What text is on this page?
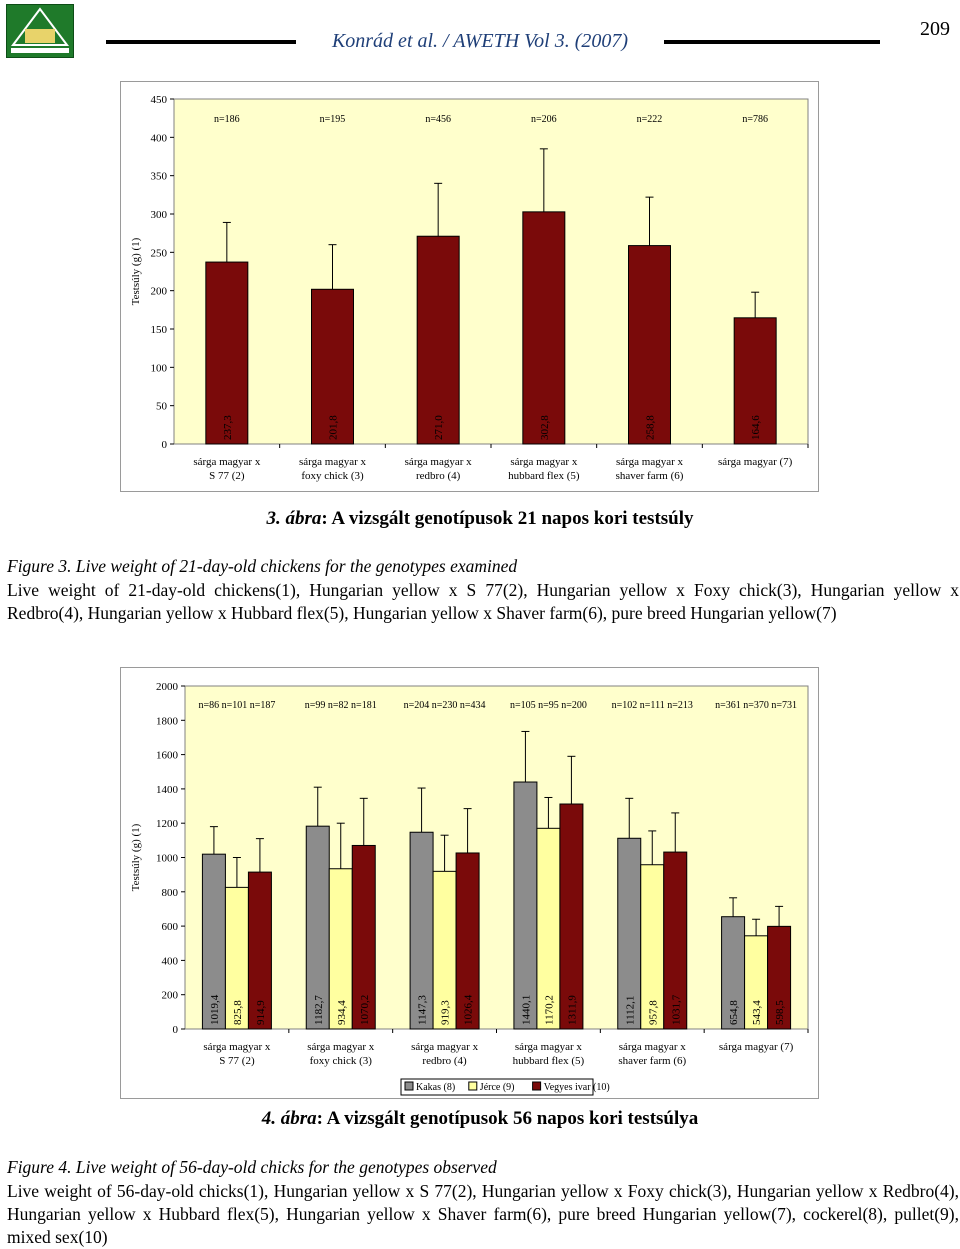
Konrád et al. / AWETH Vol 3. (2007)
209
0
50
100
150
200
250
300
350
400
450
Testsúly (g) (1)
sárga magyar x
S 77 (2)
n=186
237,3
sárga magyar x
foxy chick (3)
n=195
201,8
sárga magyar x
redbro (4)
n=456
271,0
sárga magyar x
hubbard flex (5)
n=206
302,8
sárga magyar x
shaver farm (6)
n=222
258,8
sárga magyar (7)
n=786
164,6
3. ábra: A vizsgált genotípusok 21 napos kori testsúly
Figure 3. Live weight of 21-day-old chickens for the genotypes examined
Live weight of 21-day-old chickens(1), Hungarian yellow x S 77(2), Hungarian yellow x Foxy chick(3), Hungarian yellow x Redbro(4), Hungarian yellow x Hubbard flex(5), Hungarian yellow x Shaver farm(6), pure breed Hungarian yellow(7)
0
200
400
600
800
1000
1200
1400
1600
1800
2000
Testsúly (g) (1)
sárga magyar x
S 77 (2)
n=86 n=101 n=187
1019,4 825,8 914,9
sárga magyar x
foxy chick (3)
n=99 n=82 n=181
1182,7 934,4 1070,2
sárga magyar x
redbro (4)
n=204 n=230 n=434
1147,3 919,3 1026,4
sárga magyar x
hubbard flex (5)
n=105 n=95 n=200
1440,1 1170,2 1311,9
sárga magyar x
shaver farm (6)
n=102 n=111 n=213
1112,1 957,8 1031,7
sárga magyar (7)
n=361 n=370 n=731
654,8 543,4 598,5
Kakas (8) Jérce (9)	Vegyes ivar (10)
4. ábra: A vizsgált genotípusok 56 napos kori testsúlya
Figure 4. Live weight of 56-day-old chicks for the genotypes observed
Live weight of 56-day-old chicks(1), Hungarian yellow x S 77(2), Hungarian yellow x Foxy chick(3), Hungarian yellow x Redbro(4), Hungarian yellow x Hubbard flex(5), Hungarian yellow x Shaver farm(6), pure breed Hungarian yellow(7), cockerel(8), pullet(9), mixed sex(10)
